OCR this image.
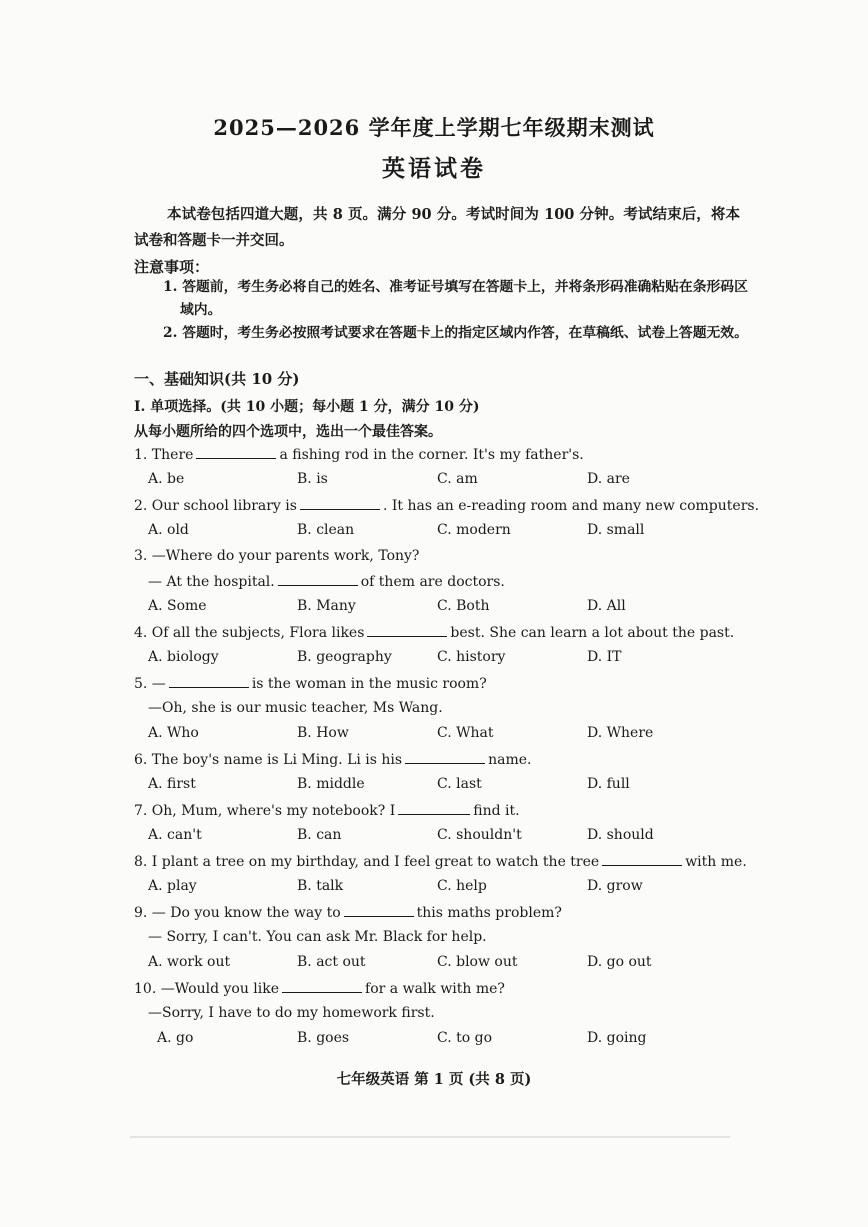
2025—2026 学年度上学期七年级期末测试
英语试卷
本试卷包括四道大题，共 8 页。满分 90 分。考试时间为 100 分钟。考试结束后，将本试卷和答题卡一并交回。
注意事项：
1. 答题前，考生务必将自己的姓名、准考证号填写在答题卡上，并将条形码准确粘贴在条形码区域内。
2. 答题时，考生务必按照考试要求在答题卡上的指定区域内作答，在草稿纸、试卷上答题无效。
一、基础知识(共 10 分)
I. 单项选择。(共 10 小题；每小题 1 分，满分 10 分)
从每小题所给的四个选项中，选出一个最佳答案。
1. There	a fishing rod in the corner. It's my father's.
A. be	B. is	C. am	D. are
2. Our school library is	. It has an e-reading room and many new computers.
A. old	B. clean	C. modern	D. small
3. —Where do your parents work, Tony?
— At the hospital.	of them are doctors.
A. Some	B. Many	C. Both	D. All
4. Of all the subjects, Flora likes	best. She can learn a lot about the past.
A. biology	B. geography	C. history	D. IT
5. —	is the woman in the music room?
—Oh, she is our music teacher, Ms Wang.
A. Who	B. How	C. What	D. Where
6. The boy's name is Li Ming. Li is his	name.
A. first	B. middle	C. last	D. full
7. Oh, Mum, where's my notebook? I	find it.
A. can't	B. can	C. shouldn't	D. should
8. I plant a tree on my birthday, and I feel great to watch the tree	with me.
A. play	B. talk	C. help	D. grow
9. — Do you know the way to	this maths problem?
— Sorry, I can't. You can ask Mr. Black for help.
A. work out	B. act out	C. blow out	D. go out
10. —Would you like	for a walk with me?
—Sorry, I have to do my homework first.
A. go	B. goes	C. to go	D. going
七年级英语 第 1 页 (共 8 页)
